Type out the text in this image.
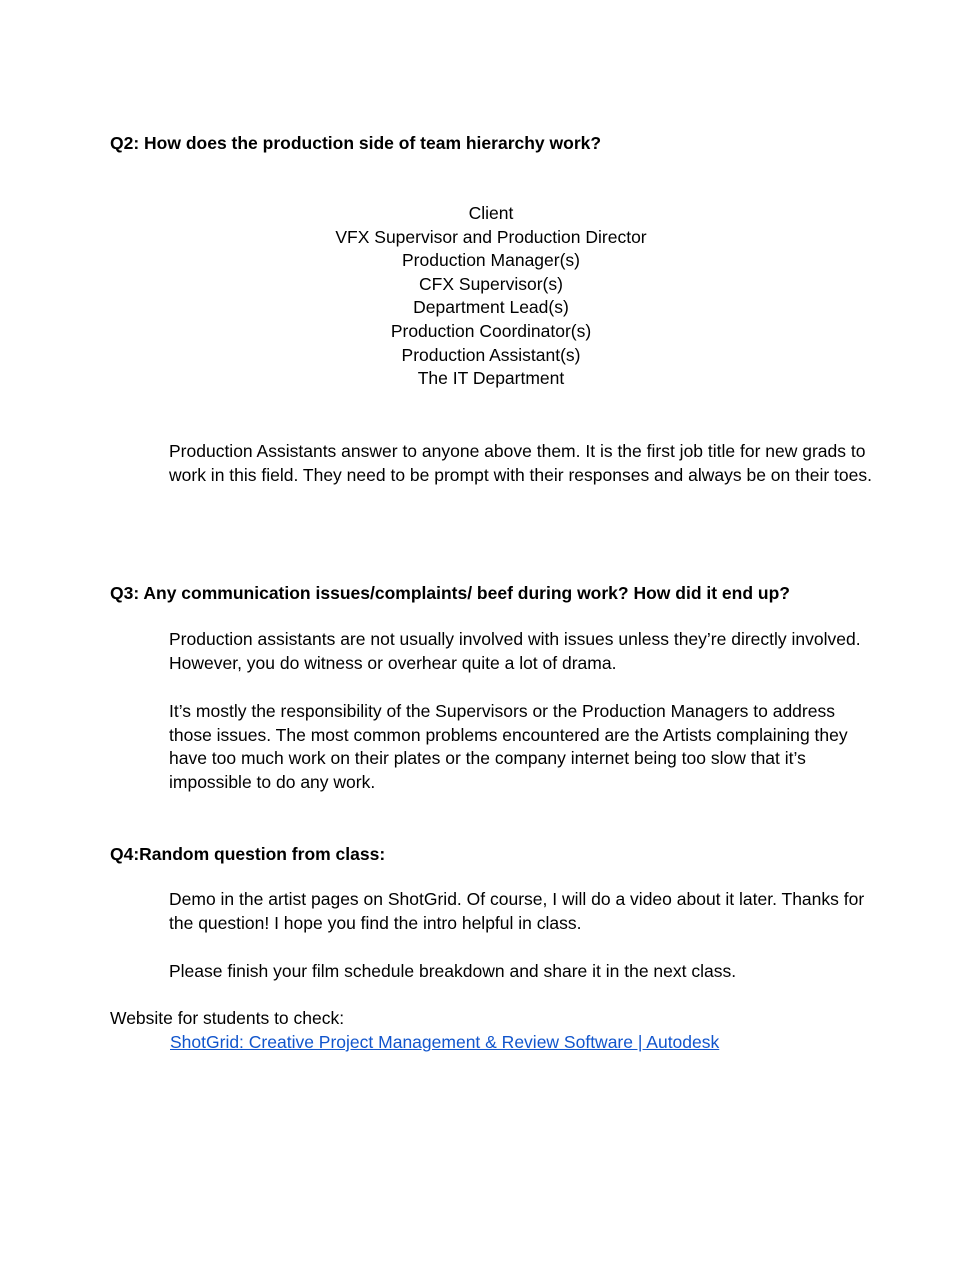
Q2: How does the production side of team hierarchy work?
Client
VFX Supervisor and Production Director
Production Manager(s)
CFX Supervisor(s)
Department Lead(s)
Production Coordinator(s)
Production Assistant(s)
The IT Department

Production Assistants answer to anyone above them. It is the first job title for new grads to work in this field. They need to be prompt with their responses and always be on their toes.

Q3: Any communication issues/complaints/ beef during work? How did it end up?

Production assistants are not usually involved with issues unless they’re directly involved. However, you do witness or overhear quite a lot of drama.

It’s mostly the responsibility of the Supervisors or the Production Managers to address those issues. The most common problems encountered are the Artists complaining they have too much work on their plates or the company internet being too slow that it’s impossible to do any work.

Q4:Random question from class:

Demo in the artist pages on ShotGrid. Of course, I will do a video about it later. Thanks for the question! I hope you find the intro helpful in class.

Please finish your film schedule breakdown and share it in the next class.

Website for students to check:
ShotGrid: Creative Project Management & Review Software | Autodesk
